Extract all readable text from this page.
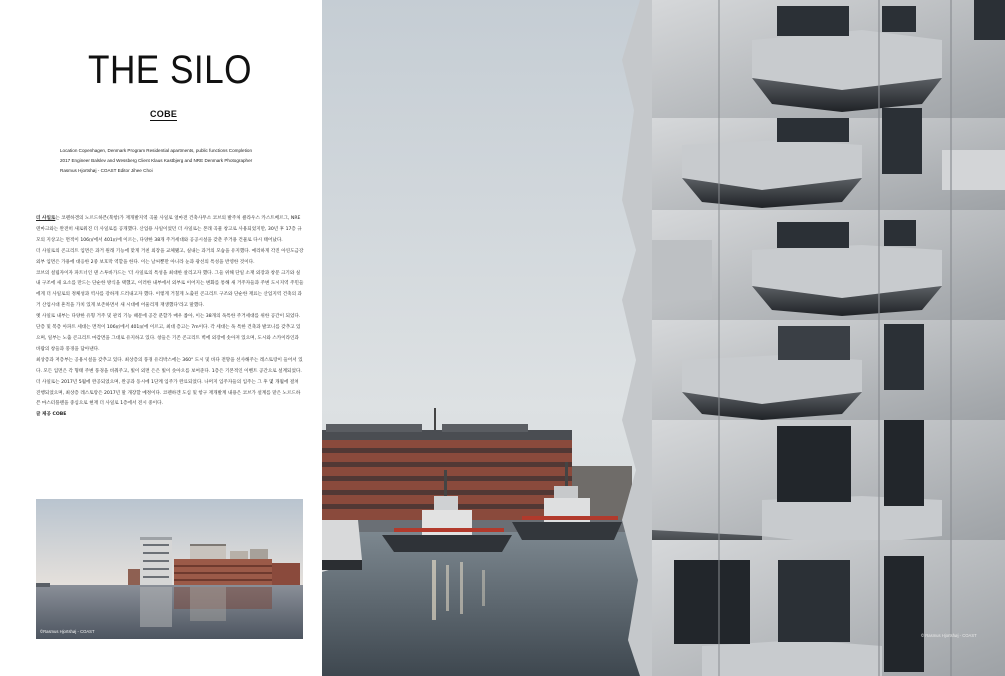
THE SILO
COBE
Location Copenhagen, Denmark Program Residential apartments, public functions Completion
2017 Engineer Balslev and Wessberg Client Klaus Kastbjerg and NRE Denmark Photographer
Rasmus Hjortshøj - COAST Editor Jihee Choi

더 사일로는 코펜하겐의 노르드하븐(북항)가 재개발지역 곡물 사일로 얼마전 건축사무소 코브의 발주처 클라우스 카스트베르그, NRE덴마크와는 완전히 새로워진 더 사일로를 공개했다. 산업용 사일이었던 더 사일로는 본래 곡물 창고로 사용되었지만, 30년 후 17층 규모의 지상고는 면적이 106㎡에서 401㎡에 이르는, 다양한 38개 주거세대와 공공시설을 갖춘 주거용 건물로 다시 태어났다.

더 사일로의 콘크리트 입면은 과거 원래 기능에 맞게 거친 외장을 교체됐고, 실내는 과거의 모습을 유지했다. 예리하게 각진 아연도금강 외부 입면은 가용에 대응한 2중 보호막 역할을 한다. 이는 날씨뿐만 아니라 눈과 광선의 특성을 반영한 것이다.

코브의 설립자이자 파트너인 댄 스투바가드는 '더 사일로의 특성을 최대한 살리고자 했다. 그들 위해 단일 소재 외장과 창문 크기와 실내 구조에 새 요소를 만드는 단순한 방식을 택했고, 이러한 내부에서 외부로 이어지는 변화를 통해 새 거주자들과 주변 도시지역 주민들에게 더 사일로의 정체성과 역사를 강하게 드러내고자 했다. 이렇게 거칠게 노출된 콘크리트 구조와 단순한 재료는 산업지역 건축의 과거 산업시대 흔적을 가치 있게 보존하면서 새 시대에 어울리게 재생했다'라고 말했다.

옛 사일로 내부는 다양한 유형 거주 및 관리 기능 때문에 공간 분할가 매우 좁아, 이는 38개의 독특한 주거세대를 위한 공간이 되었다. 단층 및 복층 아파트 세대는 면적이 106㎡에서 401㎡에 이르고, 최대 층고는 7m이다. 각 세대는 독 특한 건축과 발코니를 갖추고 있으며, 일부는 노출 콘크리트 마감면을 그대로 유지하고 있다. 창들은 기존 콘크리트 벽에 외장에 솟아져 있으며, 도시와 스카이라인과 바람의 창들과 풍경을 담아낸다.

최상층과 저층부는 공용시설을 갖추고 있다. 최상층의 풍경 유리박스에는 360° 도시 및 바다 전망을 선사해주는 레스토랑이 들어서 있다. 모든 입면은 각 형태 주변 풍경을 비춰주고, 빛이 외면 은은 빛이 솟아오를 보여준다. 1층은 기본적인 이벤트 공간으로 설계되었다.

더 사일로는 2017년 5월에 완공되었으며, 완공과 동시에 1단계 입주가 완료되었다. 나머지 입주자들의 입주는 그 후 몇 개월에 걸쳐 진행되었으며, 최상층 레스토랑은 2017년 말 개장할 예정이다. 코펜하겐 도심 및 항구 재개발계 내용은 코브가 설계를 맡은 노르드하븐 마스터플랜을 중심으로 현재 더 사일로 1층에서 전시 중이다.

글 제공 COBE

©Rasmus Hjortshøj - COAST
© Rasmus Hjortshøj - COAST
